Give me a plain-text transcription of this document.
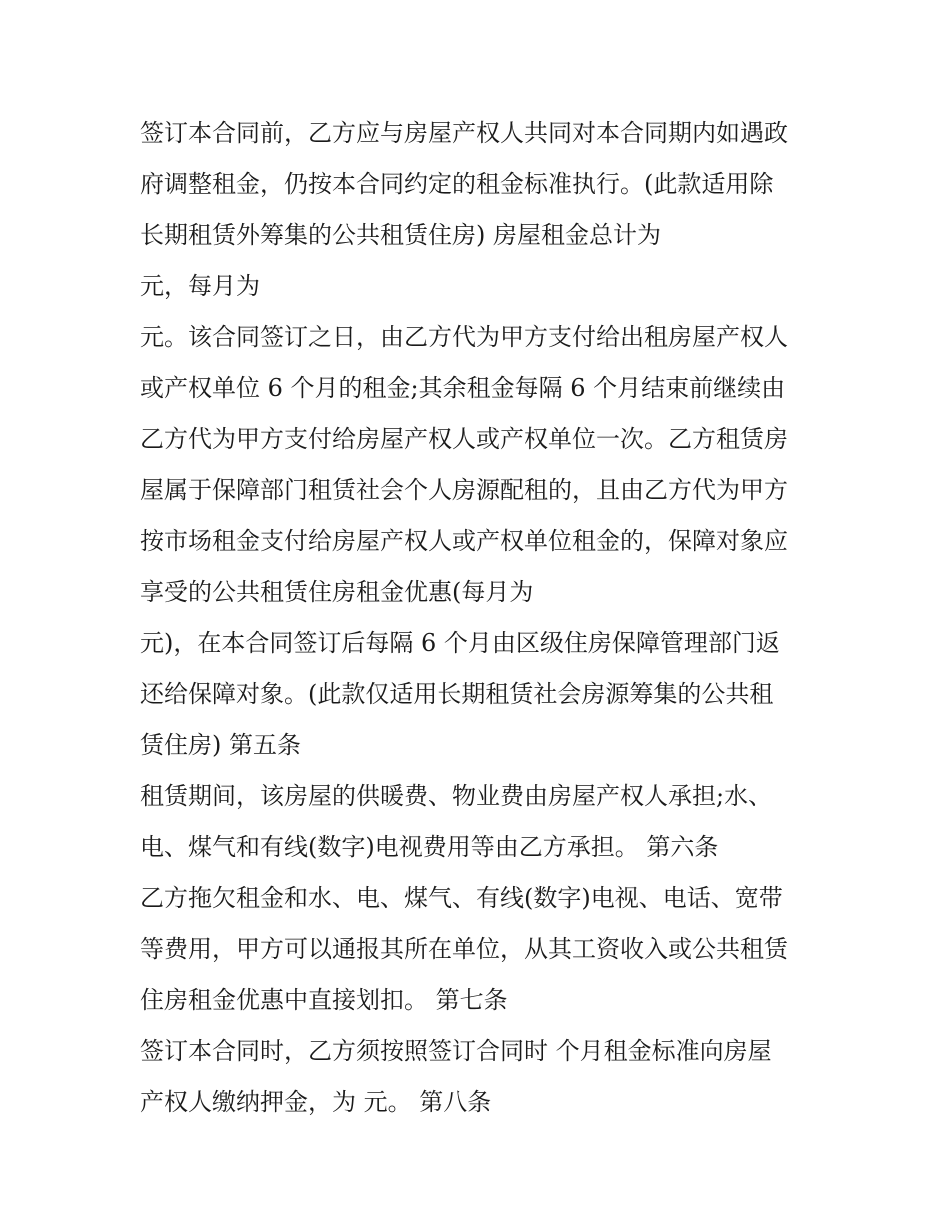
签订本合同前，乙方应与房屋产权人共同对本合同期内如遇政
府调整租金，仍按本合同约定的租金标准执行。(此款适用除
长期租赁外筹集的公共租赁住房) 房屋租金总计为
元，每月为
元。该合同签订之日，由乙方代为甲方支付给出租房屋产权人
或产权单位 6 个月的租金;其余租金每隔 6 个月结束前继续由
乙方代为甲方支付给房屋产权人或产权单位一次。乙方租赁房
屋属于保障部门租赁社会个人房源配租的，且由乙方代为甲方
按市场租金支付给房屋产权人或产权单位租金的，保障对象应
享受的公共租赁住房租金优惠(每月为
元)，在本合同签订后每隔 6 个月由区级住房保障管理部门返
还给保障对象。(此款仅适用长期租赁社会房源筹集的公共租
赁住房) 第五条
租赁期间，该房屋的供暖费、物业费由房屋产权人承担;水、
电、煤气和有线(数字)电视费用等由乙方承担。 第六条
乙方拖欠租金和水、电、煤气、有线(数字)电视、电话、宽带
等费用，甲方可以通报其所在单位，从其工资收入或公共租赁
住房租金优惠中直接划扣。 第七条
签订本合同时，乙方须按照签订合同时 个月租金标准向房屋
产权人缴纳押金，为 元。 第八条
